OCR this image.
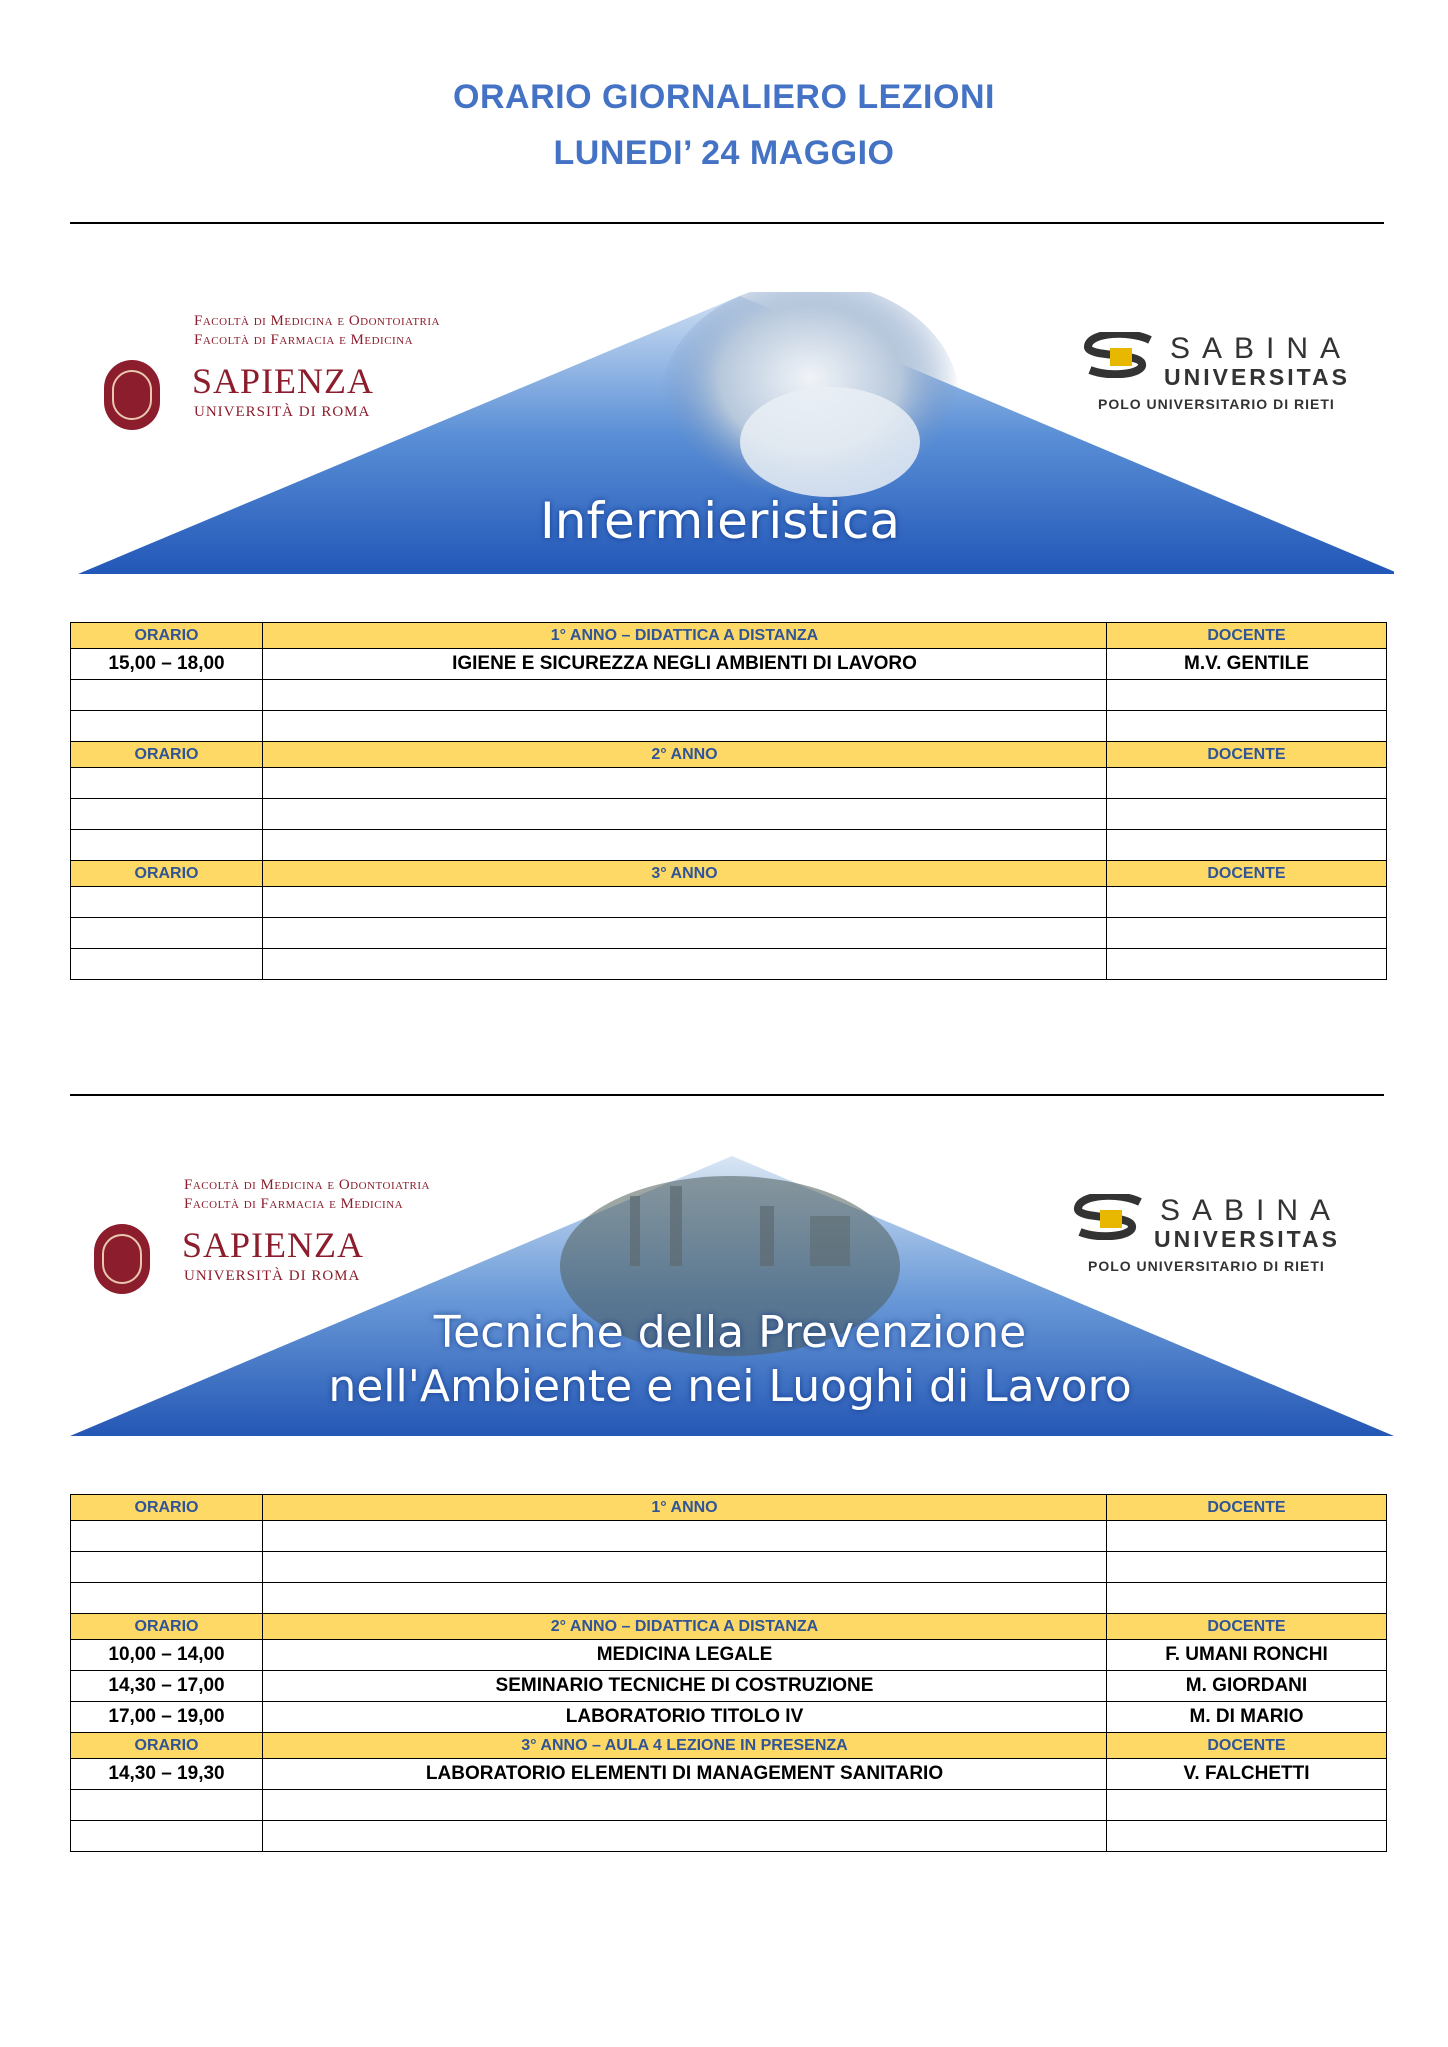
ORARIO GIORNALIERO LEZIONI
LUNEDI’ 24 MAGGIO
Facoltà di Medicina e Odontoiatria
Facoltà di Farmacia e Medicina
SAPIENZA
UNIVERSITÀ DI ROMA
SABINA
UNIVERSITAS
POLO UNIVERSITARIO DI RIETI
Infermieristica
ORARIO	1° ANNO – DIDATTICA A DISTANZA	DOCENTE
15,00 – 18,00	IGIENE E SICUREZZA NEGLI AMBIENTI DI LAVORO	M.V. GENTILE

ORARIO	2° ANNO	DOCENTE

ORARIO	3° ANNO	DOCENTE

Facoltà di Medicina e Odontoiatria
Facoltà di Farmacia e Medicina
SAPIENZA
UNIVERSITÀ DI ROMA
SABINA
UNIVERSITAS
POLO UNIVERSITARIO DI RIETI
Tecniche della Prevenzione
nell'Ambiente e nei Luoghi di Lavoro
ORARIO	1° ANNO	DOCENTE

ORARIO	2° ANNO – DIDATTICA A DISTANZA	DOCENTE
10,00 – 14,00	MEDICINA LEGALE	F. UMANI RONCHI
14,30 – 17,00	SEMINARIO TECNICHE DI COSTRUZIONE	M. GIORDANI
17,00 – 19,00	LABORATORIO TITOLO IV	M. DI MARIO
ORARIO	3° ANNO – AULA 4 LEZIONE IN PRESENZA	DOCENTE
14,30 – 19,30	LABORATORIO ELEMENTI DI MANAGEMENT SANITARIO	V. FALCHETTI
